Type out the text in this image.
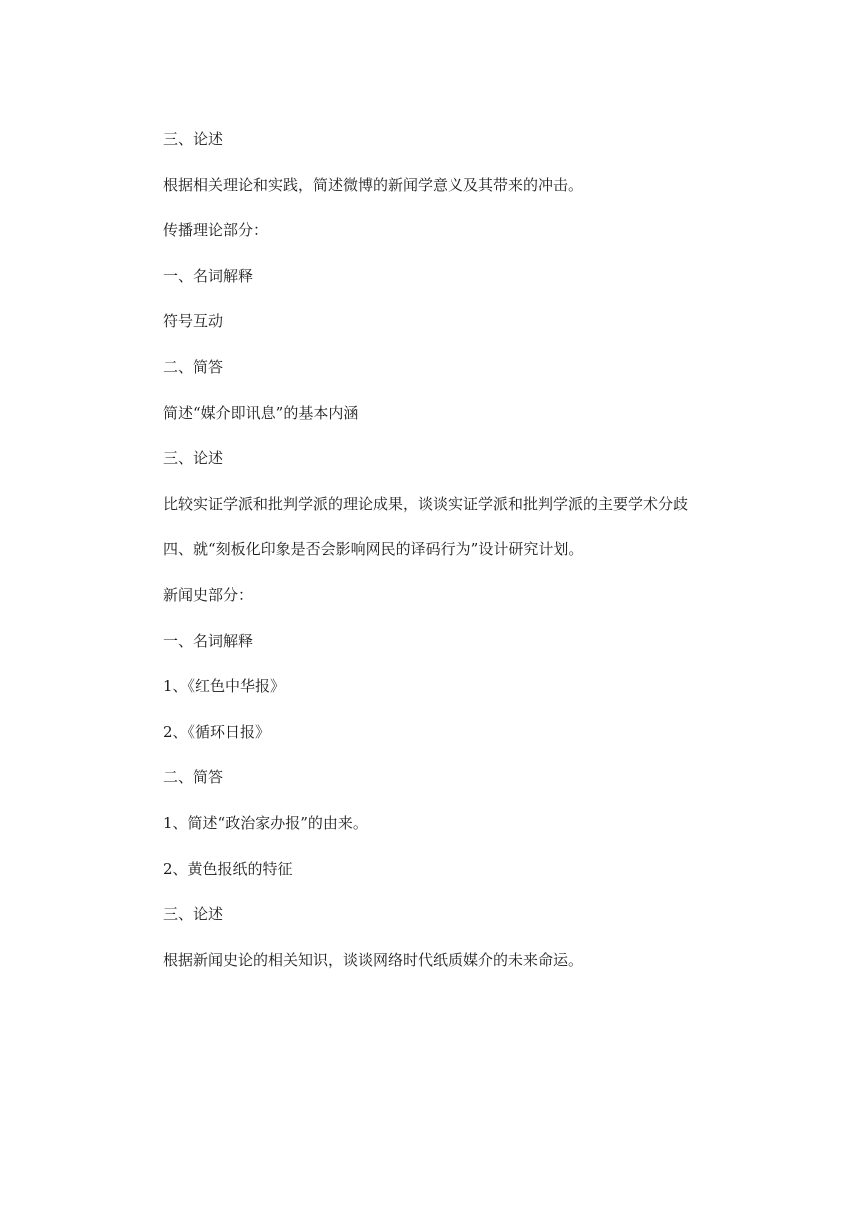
三、论述

根据相关理论和实践，简述微博的新闻学意义及其带来的冲击。

传播理论部分：

一、名词解释

符号互动

二、简答

简述“媒介即讯息”的基本内涵

三、论述

比较实证学派和批判学派的理论成果，谈谈实证学派和批判学派的主要学术分歧

四、就“刻板化印象是否会影响网民的译码行为”设计研究计划。

新闻史部分：

一、名词解释

1、《红色中华报》

2、《循环日报》

二、简答

1、简述“政治家办报”的由来。

2、黄色报纸的特征

三、论述

根据新闻史论的相关知识，谈谈网络时代纸质媒介的未来命运。
